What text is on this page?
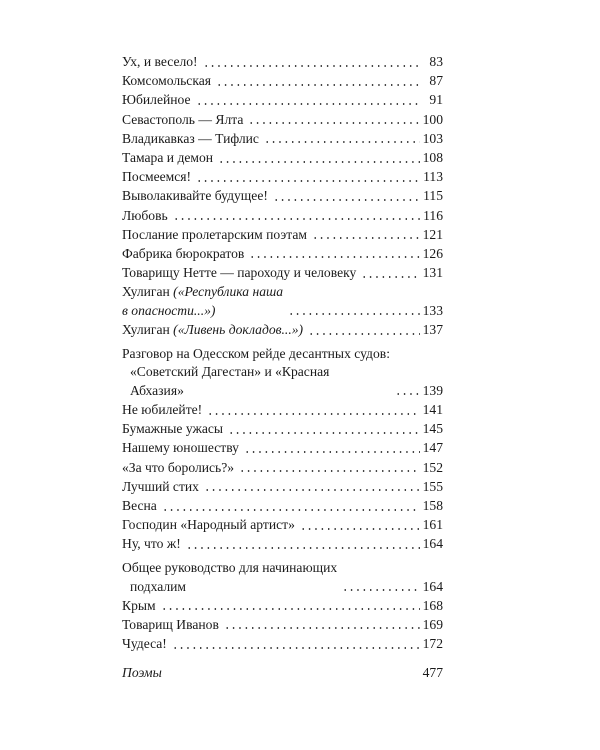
Ух, и весело!	83
Комсомольская	87
Юбилейное	91
Севастополь — Ялта	100
Владикавказ — Тифлис	103
Тамара и демон	108
Посмеемся!	113
Выволакивайте будущее!	115
Любовь	116
Послание пролетарским поэтам	121
Фабрика бюрократов	126
Товарищу Нетте — пароходу и человеку	131
Хулиган («Республика наша
в опасности...»)	133
Хулиган («Ливень докладов...»)	137
Разговор на Одесском рейде десантных судов:
«Советский Дагестан» и «Красная
Абхазия»	139
Не юбилейте!	141
Бумажные ужасы	145
Нашему юношеству	147
«За что боролись?»	152
Лучший стих	155
Весна	158
Господин «Народный артист»	161
Ну, что ж!	164
Общее руководство для начинающих
подхалим	164
Крым	168
Товарищ Иванов	169
Чудеса!	172
Поэмы	477
